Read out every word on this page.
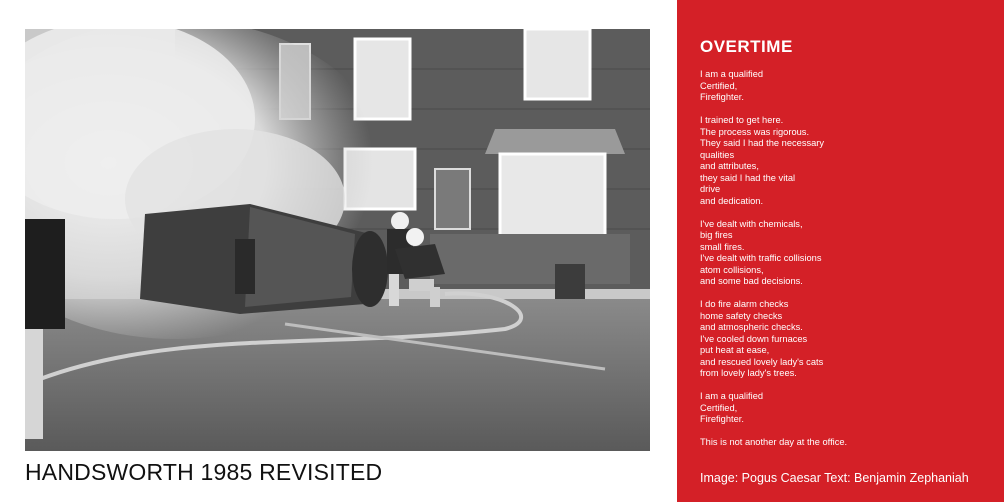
HANDSWORTH 1985 REVISITED
OVERTIME
I am a qualified
Certified,
Firefighter.
I trained to get here.
The process was rigorous.
They said I had the necessary
qualities
and attributes,
they said I had the vital
drive
and dedication.
I've dealt with chemicals,
big fires
small fires.
I've dealt with traffic collisions
atom collisions,
and some bad decisions.
I do fire alarm checks
home safety checks
and atmospheric checks.
I've cooled down furnaces
put heat at ease,
and rescued lovely lady's cats
from lovely lady's trees.
I am a qualified
Certified,
Firefighter.
This is not another day at the office.
Image: Pogus Caesar Text: Benjamin Zephaniah
